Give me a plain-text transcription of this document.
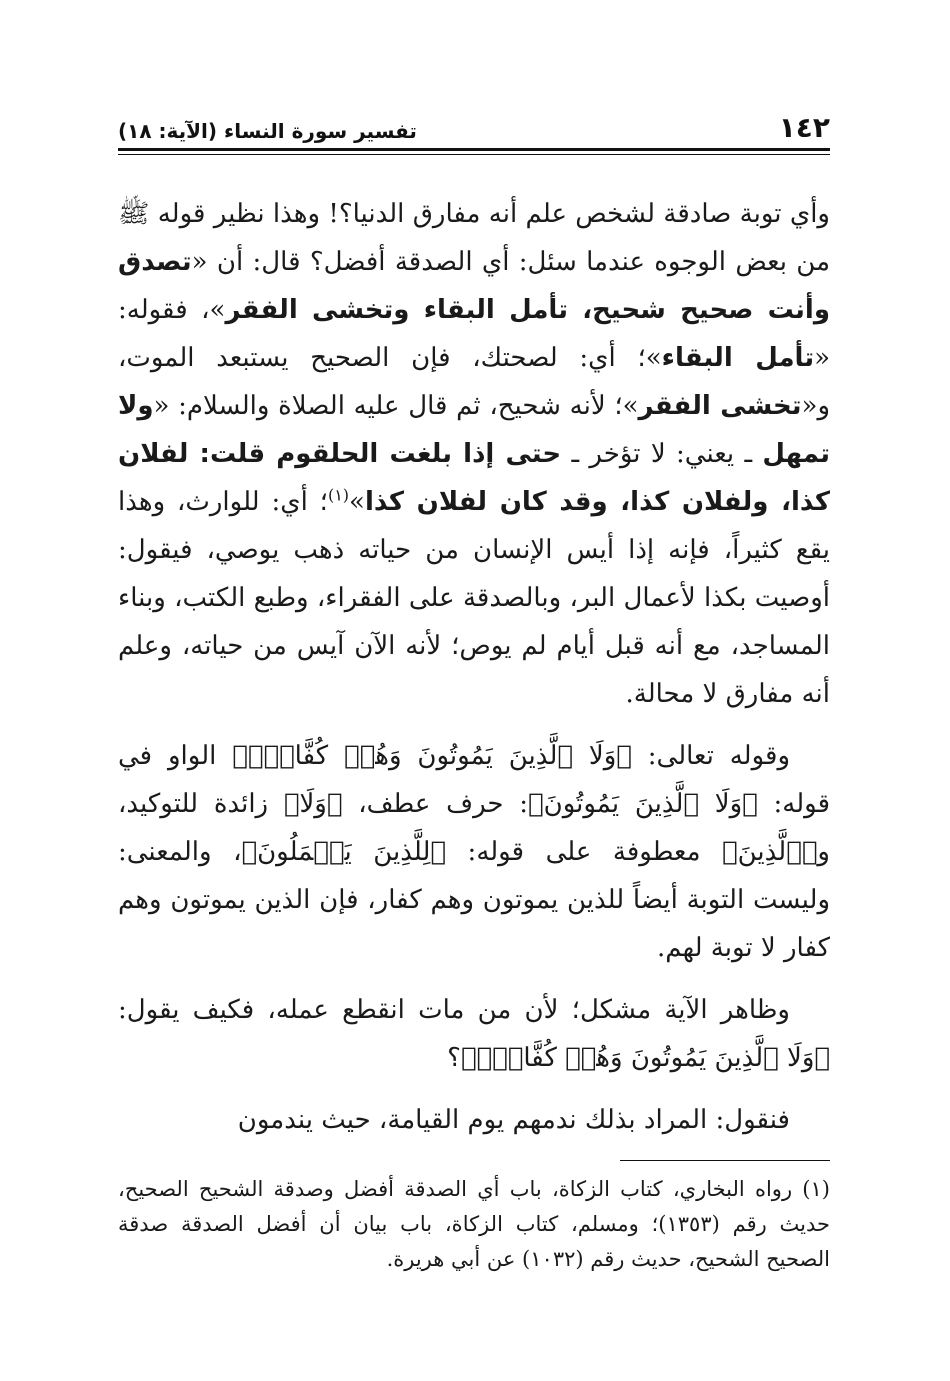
١٤٢
تفسير سورة النساء (الآية: ١٨)

وأي توبة صادقة لشخص علم أنه مفارق الدنيا؟! وهذا نظير قوله ﷺ من بعض الوجوه عندما سئل: أي الصدقة أفضل؟ قال: أن «تصدق وأنت صحيح شحيح، تأمل البقاء وتخشى الفقر»، فقوله: «تأمل البقاء»؛ أي: لصحتك، فإن الصحيح يستبعد الموت، و«تخشى الفقر»؛ لأنه شحيح، ثم قال عليه الصلاة والسلام: «ولا تمهل ـ يعني: لا تؤخر ـ حتى إذا بلغت الحلقوم قلت: لفلان كذا، ولفلان كذا، وقد كان لفلان كذا»$^{(١)}$؛ أي: للوارث، وهذا يقع كثيراً، فإنه إذا أيس الإنسان من حياته ذهب يوصي، فيقول: أوصيت بكذا لأعمال البر، وبالصدقة على الفقراء، وطبع الكتب، وبناء المساجد، مع أنه قبل أيام لم يوص؛ لأنه الآن آيس من حياته، وعلم أنه مفارق لا محالة.

وقوله تعالى: ﴿وَلَا ٱلَّذِينَ يَمُوتُونَ وَهُمۡ كُفَّارٌۚ﴾ الواو في قوله: ﴿وَلَا ٱلَّذِينَ يَمُوتُونَ﴾: حرف عطف، ﴿وَلَا﴾ زائدة للتوكيد، و﴿ٱلَّذِينَ﴾ معطوفة على قوله: ﴿لِلَّذِينَ يَعۡمَلُونَ﴾، والمعنى: وليست التوبة أيضاً للذين يموتون وهم كفار، فإن الذين يموتون وهم كفار لا توبة لهم.

وظاهر الآية مشكل؛ لأن من مات انقطع عمله، فكيف يقول: ﴿وَلَا ٱلَّذِينَ يَمُوتُونَ وَهُمۡ كُفَّارٌۚ﴾؟

فنقول: المراد بذلك ندمهم يوم القيامة، حيث يندمون

(١) رواه البخاري، كتاب الزكاة، باب أي الصدقة أفضل وصدقة الشحيح الصحيح، حديث رقم (١٣٥٣)؛ ومسلم، كتاب الزكاة، باب بيان أن أفضل الصدقة صدقة الصحيح الشحيح، حديث رقم (١٠٣٢) عن أبي هريرة.
